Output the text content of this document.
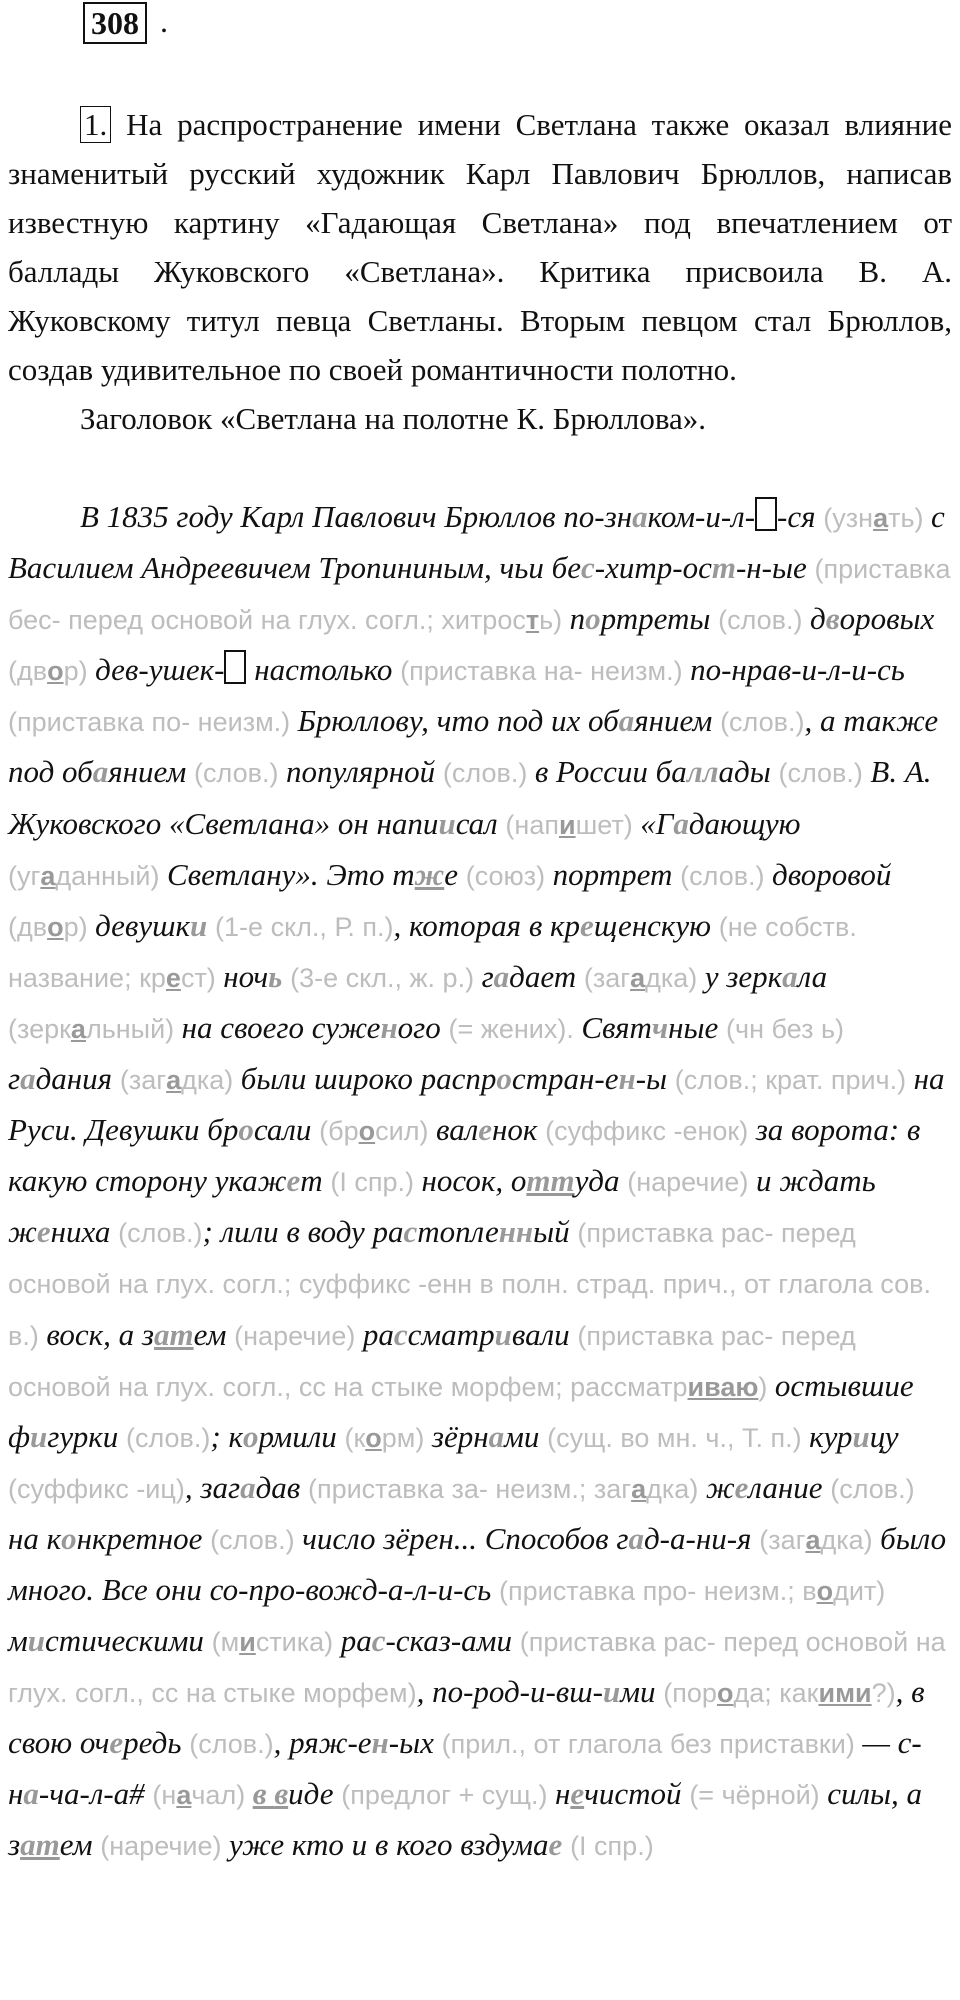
308 .

1. На распространение имени Светлана также оказал влияние знаменитый русский художник Карл Павлович Брюллов, написав известную картину «Гадающая Светлана» под впечатлением от баллады Жуковского «Светлана». Критика присвоила В. А. Жуковскому титул певца Светланы. Вторым певцом стал Брюллов, создав удивительное по своей романтичности полотно.

Заголовок «Светлана на полотне К. Брюллова».

В 1835 году Карл Павлович Брюллов по-знаком-и-л- -ся (узнать) с Василием Андреевичем Тропининым, чьи бес-хитр-ост-н-ые (приставка бес- перед основой на глух. согл.; хитрость) портреты (слов.) дворовых (двор) дев-ушек- настолько (приставка на- неизм.) по-нрав-и-л-и-сь (приставка по- неизм.) Брюллову, что под их обаянием (слов.), а также под обаянием (слов.) популярной (слов.) в России баллады (слов.) В. А. Жуковского «Светлана» он напиисал (напишет) «Гадающую (угаданный) Светлану». Это тже (союз) портрет (слов.) дворовой (двор) девушки (1-е скл., Р. п.), которая в крещенскую (не собств. название; крест) ночь (3-е скл., ж. р.) гадает (загадка) у зеркала (зеркальный) на своего суженого (= жених). Святчные (чн без ь) гадания (загадка) были широко распростран-ен-ы (слов.; крат. прич.) на Руси. Девушки бросали (бросил) валенок (суффикс -енок) за ворота: в какую сторону укажет (I спр.) носок, оттуда (наречие) и ждать жениха (слов.); лили в воду растопленный (приставка рас- перед основой на глух. согл.; суффикс -енн в полн. страд. прич., от глагола сов. в.) воск, а затем (наречие) рассматривали (приставка рас- перед основой на глух. согл., сс на стыке морфем; рассматриваю) остывшие фигурки (слов.); кормили (корм) зёрнами (сущ. во мн. ч., Т. п.) курицу (суффикс -иц), загадав (приставка за- неизм.; загадка) желание (слов.) на конкретное (слов.) число зёрен... Способов гад-а-ни-я (загадка) было много. Все они со-про-вожд-а-л-и-сь (приставка про- неизм.; водит) мистическими (мистика) рас-сказ-ами (приставка рас- перед основой на глух. согл., сс на стыке морфем), по-род-и-вш-ими (порода; какими?), в свою очередь (слов.), ряж-ен-ых (прил., от глагола без приставки) — с-на-ча-л-а# (начал) в виде (предлог + сущ.) нечистой (= чёрной) силы, а затем (наречие) уже кто и в кого вздумае (I спр.)
